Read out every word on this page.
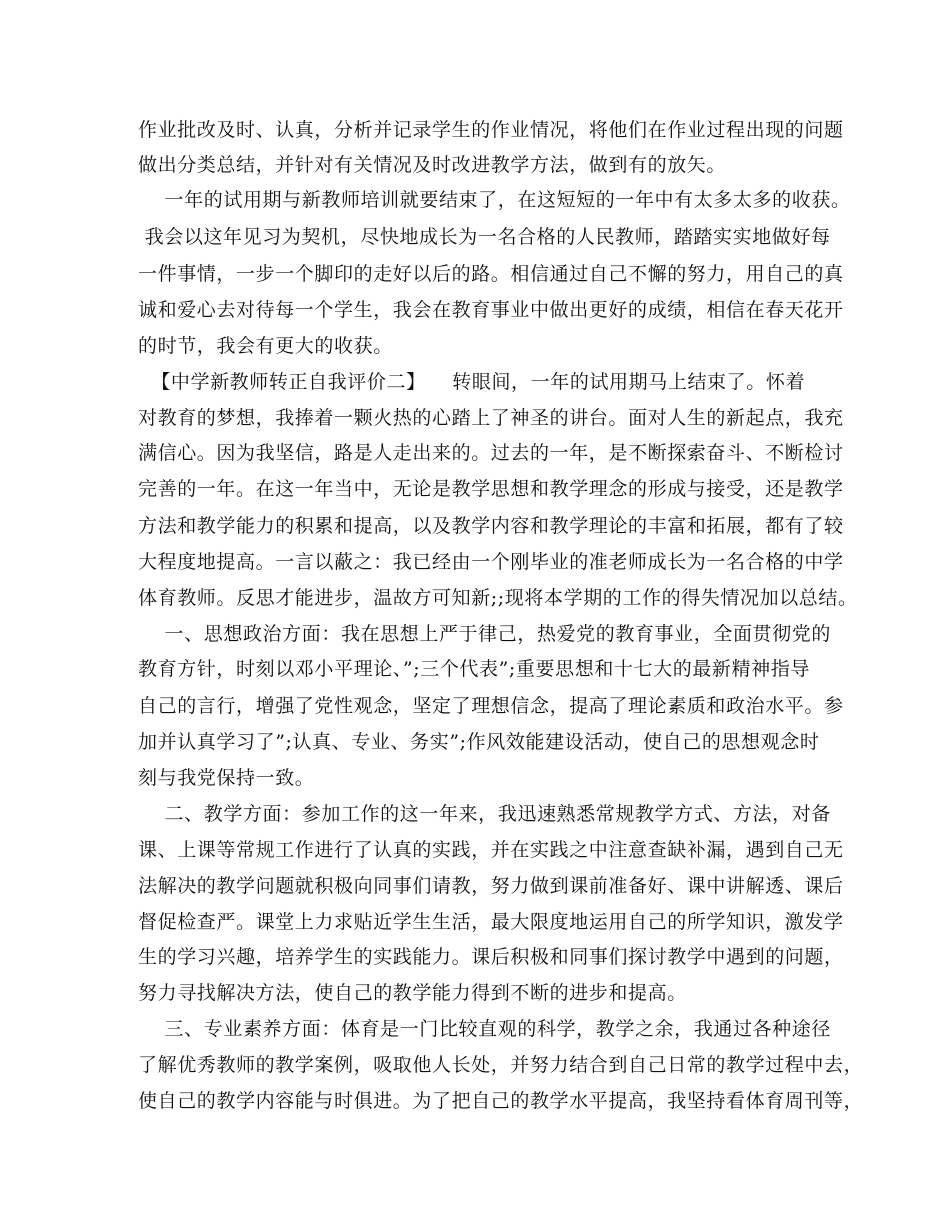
作业批改及时、认真，分析并记录学生的作业情况，将他们在作业过程出现的问题
做出分类总结，并针对有关情况及时改进教学方法，做到有的放矢。
一年的试用期与新教师培训就要结束了，在这短短的一年中有太多太多的收获。
我会以这年见习为契机，尽快地成长为一名合格的人民教师，踏踏实实地做好每
一件事情，一步一个脚印的走好以后的路。相信通过自己不懈的努力，用自己的真
诚和爱心去对待每一个学生，我会在教育事业中做出更好的成绩，相信在春天花开
的时节，我会有更大的收获。
【中学新教师转正自我评价二】    转眼间，一年的试用期马上结束了。怀着
对教育的梦想，我捧着一颗火热的心踏上了神圣的讲台。面对人生的新起点，我充
满信心。因为我坚信，路是人走出来的。过去的一年，是不断探索奋斗、不断检讨
完善的一年。在这一年当中，无论是教学思想和教学理念的形成与接受，还是教学
方法和教学能力的积累和提高，以及教学内容和教学理论的丰富和拓展，都有了较
大程度地提高。一言以蔽之：我已经由一个刚毕业的准老师成长为一名合格的中学
体育教师。反思才能进步，温故方可知新;;现将本学期的工作的得失情况加以总结。
一、思想政治方面：我在思想上严于律己，热爱党的教育事业，全面贯彻党的
教育方针，时刻以邓小平理论、”;三个代表”;重要思想和十七大的最新精神指导
自己的言行，增强了党性观念，坚定了理想信念，提高了理论素质和政治水平。参
加并认真学习了”;认真、专业、务实”;作风效能建设活动，使自己的思想观念时
刻与我党保持一致。
二、教学方面：参加工作的这一年来，我迅速熟悉常规教学方式、方法，对备
课、上课等常规工作进行了认真的实践，并在实践之中注意查缺补漏，遇到自己无
法解决的教学问题就积极向同事们请教，努力做到课前准备好、课中讲解透、课后
督促检查严。课堂上力求贴近学生生活，最大限度地运用自己的所学知识，激发学
生的学习兴趣，培养学生的实践能力。课后积极和同事们探讨教学中遇到的问题，
努力寻找解决方法，使自己的教学能力得到不断的进步和提高。
三、专业素养方面：体育是一门比较直观的科学，教学之余，我通过各种途径
了解优秀教师的教学案例，吸取他人长处，并努力结合到自己日常的教学过程中去，
使自己的教学内容能与时俱进。为了把自己的教学水平提高，我坚持看体育周刊等，
